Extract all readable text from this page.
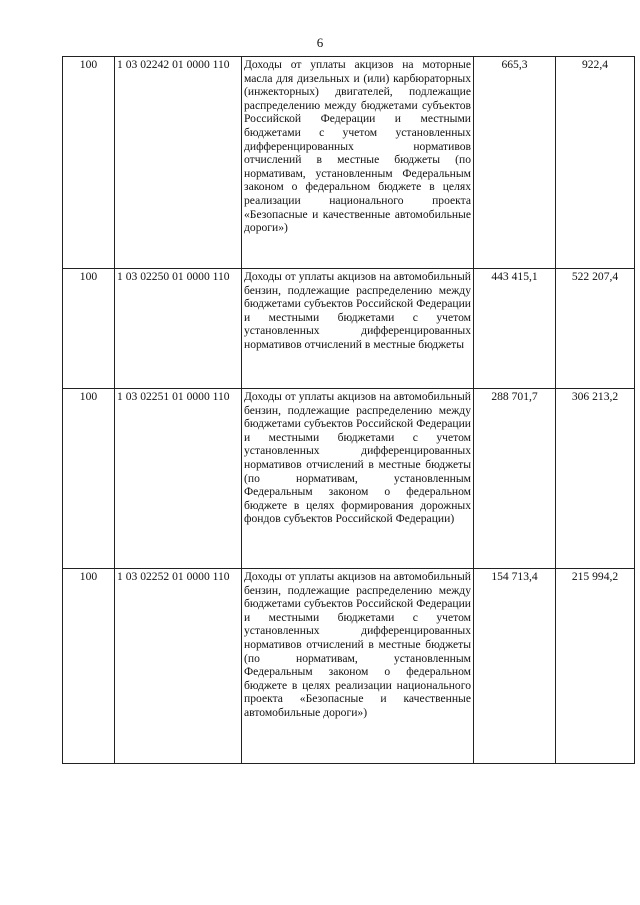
6
100	1 03 02242 01 0000 110	Доходы от уплаты акцизов на моторные масла для дизельных и (или) карбюраторных (инжекторных) двигателей, подлежащие распределению между бюджетами субъектов Российской Федерации и местными бюджетами с учетом установленных дифференцированных нормативов отчислений в местные бюджеты (по нормативам, установленным Федеральным законом о федеральном бюджете в целях реализации национального проекта «Безопасные и качественные автомобильные дороги»)	665,3	922,4
100	1 03 02250 01 0000 110	Доходы от уплаты акцизов на автомобильный бензин, подлежащие распределению между бюджетами субъектов Российской Федерации и местными бюджетами с учетом установленных дифференцированных нормативов отчислений в местные бюджеты	443 415,1	522 207,4
100	1 03 02251 01 0000 110	Доходы от уплаты акцизов на автомобильный бензин, подлежащие распределению между бюджетами субъектов Российской Федерации и местными бюджетами с учетом установленных дифференцированных нормативов отчислений в местные бюджеты (по нормативам, установленным Федеральным законом о федеральном бюджете в целях формирования дорожных фондов субъектов Российской Федерации)	288 701,7	306 213,2
100	1 03 02252 01 0000 110	Доходы от уплаты акцизов на автомобильный бензин, подлежащие распределению между бюджетами субъектов Российской Федерации и местными бюджетами с учетом установленных дифференцированных нормативов отчислений в местные бюджеты (по нормативам, установленным Федеральным законом о федеральном бюджете в целях реализации национального проекта «Безопасные и качественные автомобильные дороги»)	154 713,4	215 994,2
